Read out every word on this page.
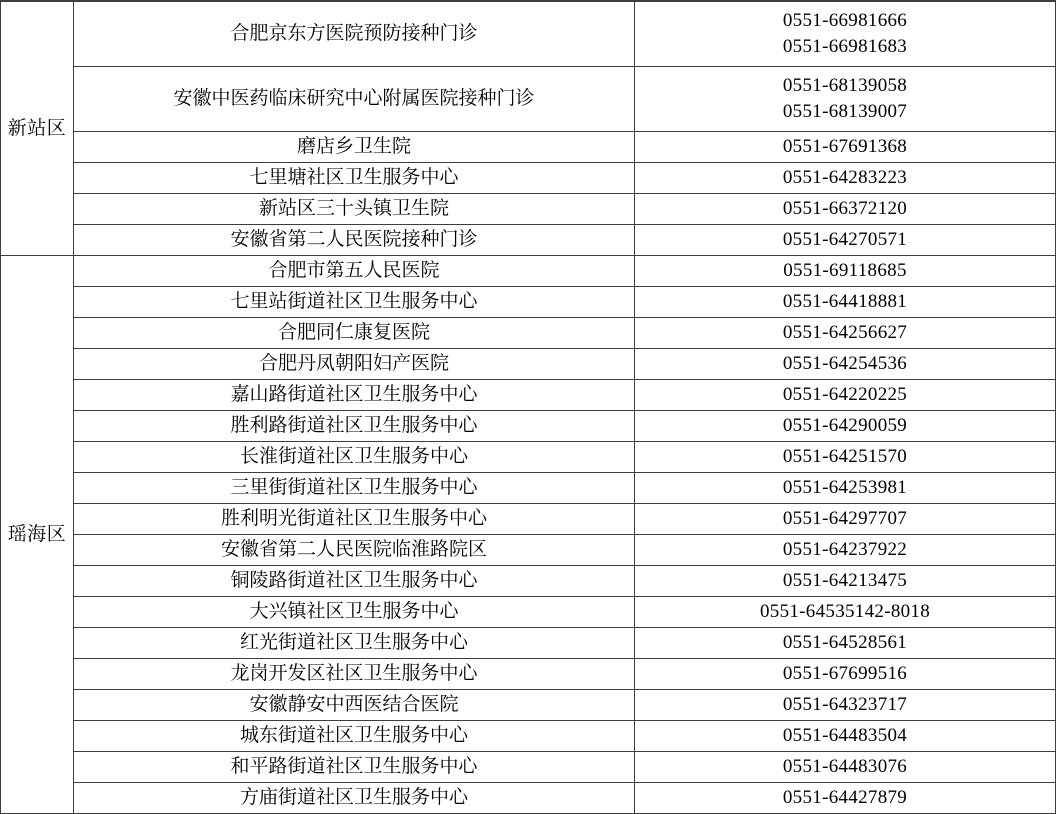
新站区	合肥京东方医院预防接种门诊	0551-66981666
0551-66981683

	安徽中医药临床研究中心附属医院接种门诊	0551-68139058
0551-68139007

	磨店乡卫生院	0551-67691368

	七里塘社区卫生服务中心	0551-64283223

	新站区三十头镇卫生院	0551-66372120

	安徽省第二人民医院接种门诊	0551-64270571

瑶海区	合肥市第五人民医院	0551-69118685

	七里站街道社区卫生服务中心	0551-64418881

	合肥同仁康复医院	0551-64256627

	合肥丹凤朝阳妇产医院	0551-64254536

	嘉山路街道社区卫生服务中心	0551-64220225

	胜利路街道社区卫生服务中心	0551-64290059

	长淮街道社区卫生服务中心	0551-64251570

	三里街街道社区卫生服务中心	0551-64253981

	胜利明光街道社区卫生服务中心	0551-64297707

	安徽省第二人民医院临淮路院区	0551-64237922

	铜陵路街道社区卫生服务中心	0551-64213475

	大兴镇社区卫生服务中心	0551-64535142-8018

	红光街道社区卫生服务中心	0551-64528561

	龙岗开发区社区卫生服务中心	0551-67699516

	安徽静安中西医结合医院	0551-64323717

	城东街道社区卫生服务中心	0551-64483504

	和平路街道社区卫生服务中心	0551-64483076

	方庙街道社区卫生服务中心	0551-64427879
